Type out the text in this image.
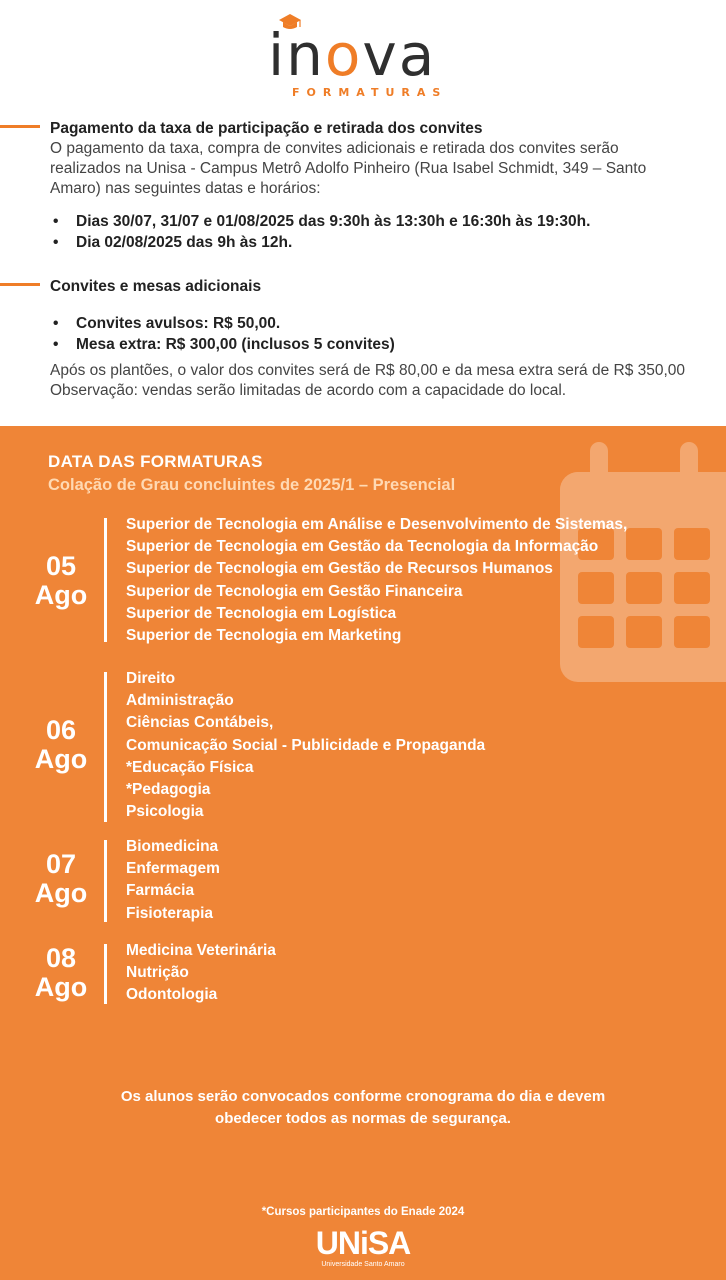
inova
FORMATURAS
Pagamento da taxa de participação e retirada dos convites
O pagamento da taxa, compra de convites adicionais e retirada dos convites serão realizados na Unisa - Campus Metrô Adolfo Pinheiro (Rua Isabel Schmidt, 349 – Santo Amaro) nas seguintes datas e horários:
• Dias 30/07, 31/07 e 01/08/2025 das 9:30h às 13:30h e 16:30h às 19:30h.
• Dia 02/08/2025 das 9h às 12h.
Convites e mesas adicionais
• Convites avulsos: R$ 50,00.
• Mesa extra: R$ 300,00 (inclusos 5 convites)
Após os plantões, o valor dos convites será de R$ 80,00 e da mesa extra será de R$ 350,00
Observação: vendas serão limitadas de acordo com a capacidade do local.
DATA DAS FORMATURAS
Colação de Grau concluintes de 2025/1 – Presencial
05
Ago
Superior de Tecnologia em Análise e Desenvolvimento de Sistemas,
Superior de Tecnologia em Gestão da Tecnologia da Informação
Superior de Tecnologia em Gestão de Recursos Humanos
Superior de Tecnologia em Gestão Financeira
Superior de Tecnologia em Logística
Superior de Tecnologia em Marketing
06
Ago
Direito
Administração
Ciências Contábeis,
Comunicação Social - Publicidade e Propaganda
*Educação Física
*Pedagogia
Psicologia
07
Ago
Biomedicina
Enfermagem
Farmácia
Fisioterapia
08
Ago
Medicina Veterinária
Nutrição
Odontologia
Os alunos serão convocados conforme cronograma do dia e devem
obedecer todos as normas de segurança.
*Cursos participantes do Enade 2024
UNiSA
Universidade Santo Amaro
